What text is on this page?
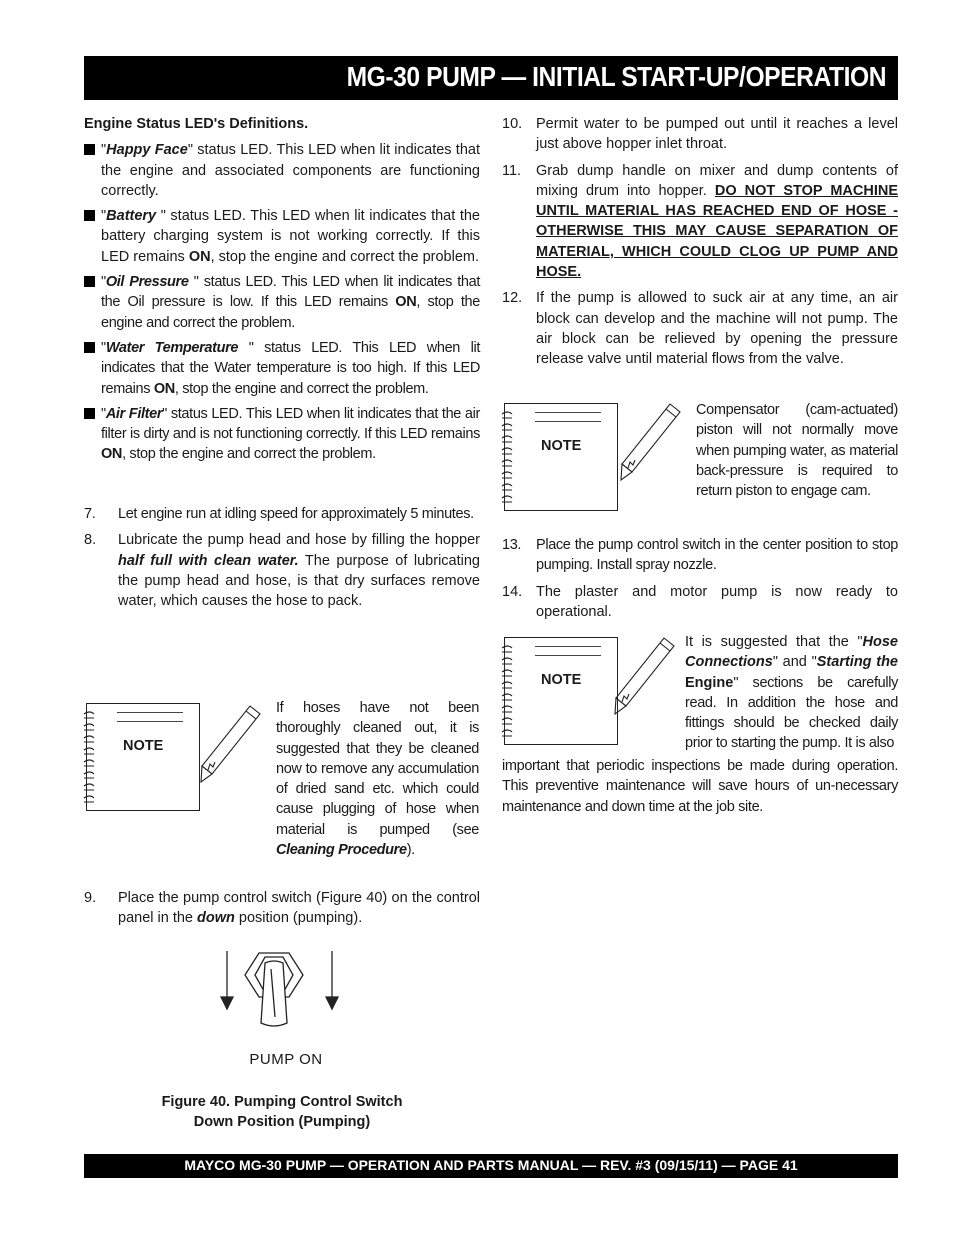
MG-30 PUMP — INITIAL START-UP/OPERATION

Engine Status LED's Definitions.

"Happy Face" status LED. This LED when lit indicates that the engine and associated components are functioning correctly.
"Battery " status LED. This LED when lit indicates that the battery charging system is not working correctly. If this LED remains ON, stop the engine and correct the problem.
"Oil Pressure " status LED. This LED when lit indicates that the Oil pressure is low. If this LED remains ON, stop the engine and correct the problem.
"Water Temperature " status LED. This LED when lit indicates that the Water temperature is too high. If this LED remains ON, stop the engine and correct the problem.
"Air Filter" status LED. This LED when lit indicates that the air filter is dirty and is not functioning correctly. If this LED remains ON, stop the engine and correct the problem.
7. Let engine run at idling speed for approximately 5 minutes.
8. Lubricate the pump head and hose by filling the hopper half full with clean water. The purpose of lubricating the pump head and hose, is that dry surfaces remove water, which causes the hose to pack.
NOTE
If hoses have not been thoroughly cleaned out, it is suggested that they be cleaned now to remove any accumulation of dried sand etc. which could cause plugging of hose when material is pumped (see Cleaning Procedure).
9. Place the pump control switch (Figure 40) on the control panel in the down position (pumping).
PUMP ON
Figure 40. Pumping Control Switch
Down Position (Pumping)
10. Permit water to be pumped out until it reaches a level just above hopper inlet throat.
11. Grab dump handle on mixer and dump contents of mixing drum into hopper. DO NOT STOP MACHINE UNTIL MATERIAL HAS REACHED END OF HOSE - OTHERWISE THIS MAY CAUSE SEPARATION OF MATERIAL, WHICH COULD CLOG UP PUMP AND HOSE.
12. If the pump is allowed to suck air at any time, an air block can develop and the machine will not pump. The air block can be relieved by opening the pressure release valve until material flows from the valve.
NOTE
Compensator (cam-actuated) piston will not normally move when pumping water, as material back-pressure is required to return piston to engage cam.
13. Place the pump control switch in the center position to stop pumping. Install spray nozzle.
14. The plaster and motor pump is now ready to operational.
NOTE
It is suggested that the "Hose Connections" and "Starting the Engine" sections be carefully read. In addition the hose and fittings should be checked daily prior to starting the pump. It is also
important that periodic inspections be made during operation. This preventive maintenance will save hours of un-necessary maintenance and down time at the job site.
MAYCO MG-30 PUMP — OPERATION AND PARTS MANUAL — REV. #3 (09/15/11) — PAGE 41
